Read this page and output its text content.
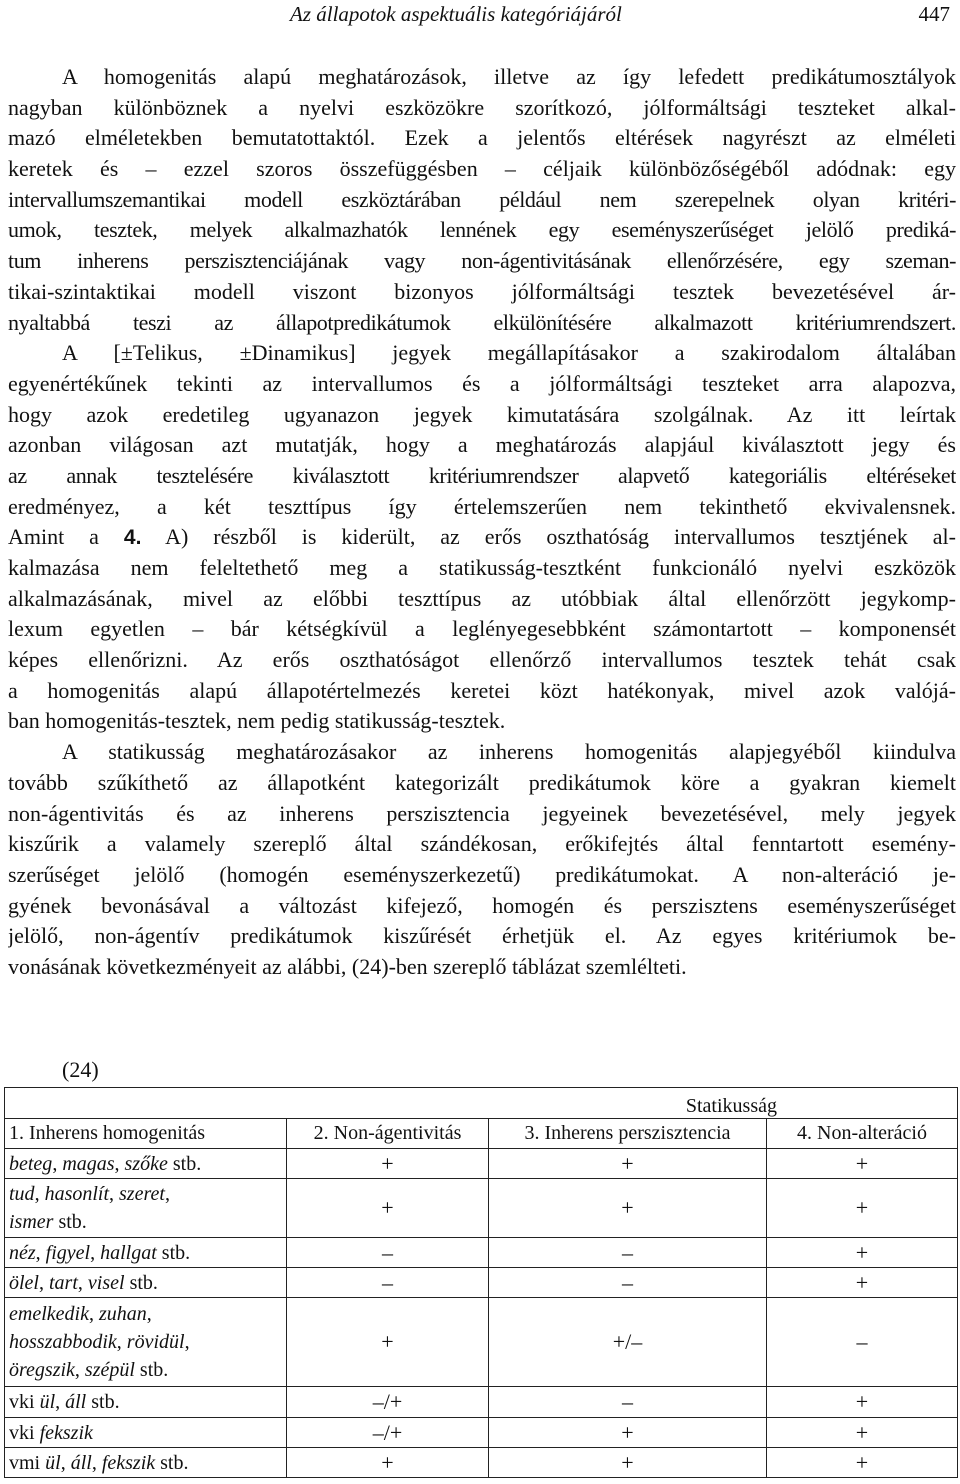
Az állapotok aspektuális kategóriájáról	447
A homogenitás alapú meghatározások, illetve az így lefedett predikátumosztályok
nagyban különböznek a nyelvi eszközökre szorítkozó, jólformáltsági teszteket alkal-
mazó elméletekben bemutatottaktól. Ezek a jelentős eltérések nagyrészt az elméleti
keretek és – ezzel szoros összefüggésben – céljaik különbözőségéből adódnak: egy
intervallumszemantikai modell eszköztárában például nem szerepelnek olyan kritéri-
umok, tesztek, melyek alkalmazhatók lennének egy eseményszerűséget jelölő prediká-
tum inherens perszisztenciájának vagy non-ágentivitásának ellenőrzésére, egy szeman-
tikai-szintaktikai modell viszont bizonyos jólformáltsági tesztek bevezetésével ár-
nyaltabbá teszi az állapotpredikátumok elkülönítésére alkalmazott kritériumrendszert.
A [±Telikus, ±Dinamikus] jegyek megállapításakor a szakirodalom általában
egyenértékűnek tekinti az intervallumos és a jólformáltsági teszteket arra alapozva,
hogy azok eredetileg ugyanazon jegyek kimutatására szolgálnak. Az itt leírtak
azonban világosan azt mutatják, hogy a meghatározás alapjául kiválasztott jegy és
az annak tesztelésére kiválasztott kritériumrendszer alapvető kategoriális eltéréseket
eredményez, a két teszttípus így értelemszerűen nem tekinthető ekvivalensnek.
Amint a 4. A) részből is kiderült, az erős oszthatóság intervallumos tesztjének al-
kalmazása nem feleltethető meg a statikusság-tesztként funkcionáló nyelvi eszközök
alkalmazásának, mivel az előbbi teszttípus az utóbbiak által ellenőrzött jegykomp-
lexum egyetlen – bár kétségkívül a leglényegesebbként számontartott – komponensét
képes ellenőrizni. Az erős oszthatóságot ellenőrző intervallumos tesztek tehát csak
a homogenitás alapú állapotértelmezés keretei közt hatékonyak, mivel azok valójá-
ban homogenitás-tesztek, nem pedig statikusság-tesztek.
A statikusság meghatározásakor az inherens homogenitás alapjegyéből kiindulva
tovább szűkíthető az állapotként kategorizált predikátumok köre a gyakran kiemelt
non-ágentivitás és az inherens perszisztencia jegyeinek bevezetésével, mely jegyek
kiszűrik a valamely szereplő által szándékosan, erőkifejtés által fenntartott esemény-
szerűséget jelölő (homogén eseményszerkezetű) predikátumokat. A non-alteráció je-
gyének bevonásával a változást kifejező, homogén és perszisztens eseményszerűséget
jelölő, non-ágentív predikátumok kiszűrését érhetjük el. Az egyes kritériumok be-
vonásának következményeit az alábbi, (24)-ben szereplő táblázat szemlélteti.
(24)
Statikusság			
1. Inherens homogenitás	2. Non-ágentivitás	3. Inherens perszisztencia	4. Non-alteráció
beteg, magas, szőke stb.	+	+	+
tud, hasonlít, szeret,
ismer stb.	+	+	+
néz, figyel, hallgat stb.	–	–	+
ölel, tart, visel stb.	–	–	+
emelkedik, zuhan,
hosszabbodik, rövidül,
öregszik, szépül stb.	+	+/–	–
vki ül, áll stb.	–/+	–	+
vki fekszik	–/+	+	+
vmi ül, áll, fekszik stb.	+	+	+
